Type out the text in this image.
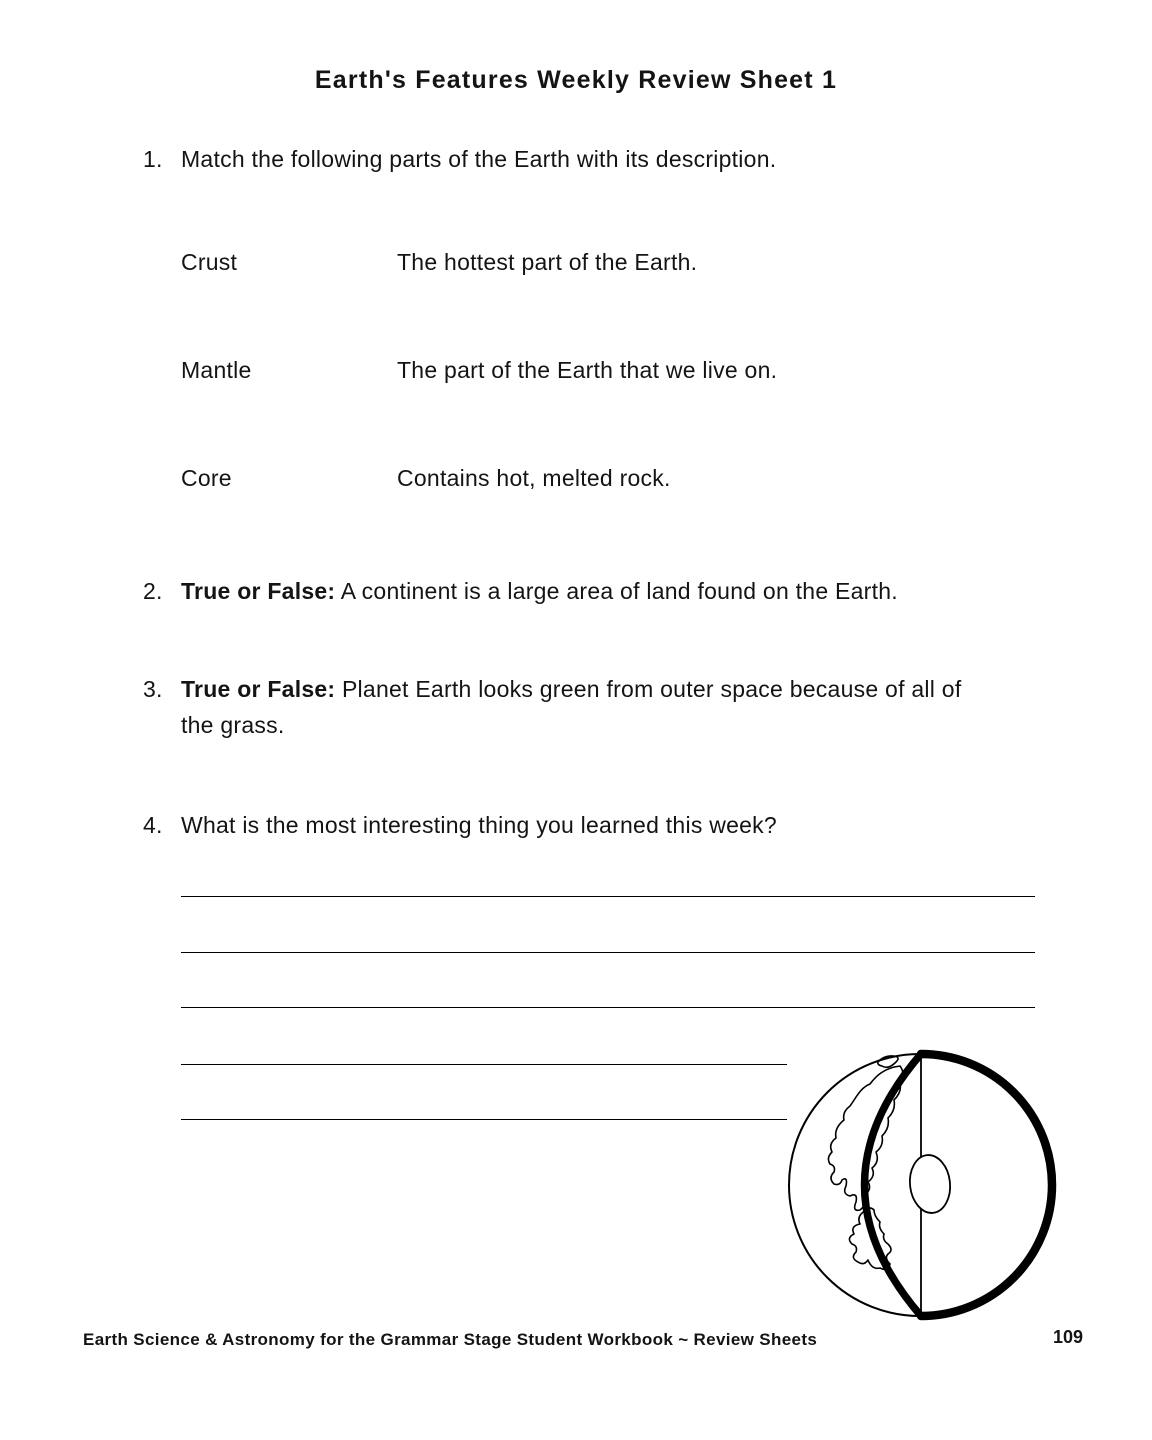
Earth's Features Weekly Review Sheet 1
1. Match the following parts of the Earth with its description.
Crust	The hottest part of the Earth.
Mantle	The part of the Earth that we live on.
Core	Contains hot, melted rock.
2. True or False: A continent is a large area of land found on the Earth.
3. True or False: Planet Earth looks green from outer space because of all of
the grass.
4. What is the most interesting thing you learned this week?
Earth Science & Astronomy for the Grammar Stage Student Workbook ~ Review Sheets	109
